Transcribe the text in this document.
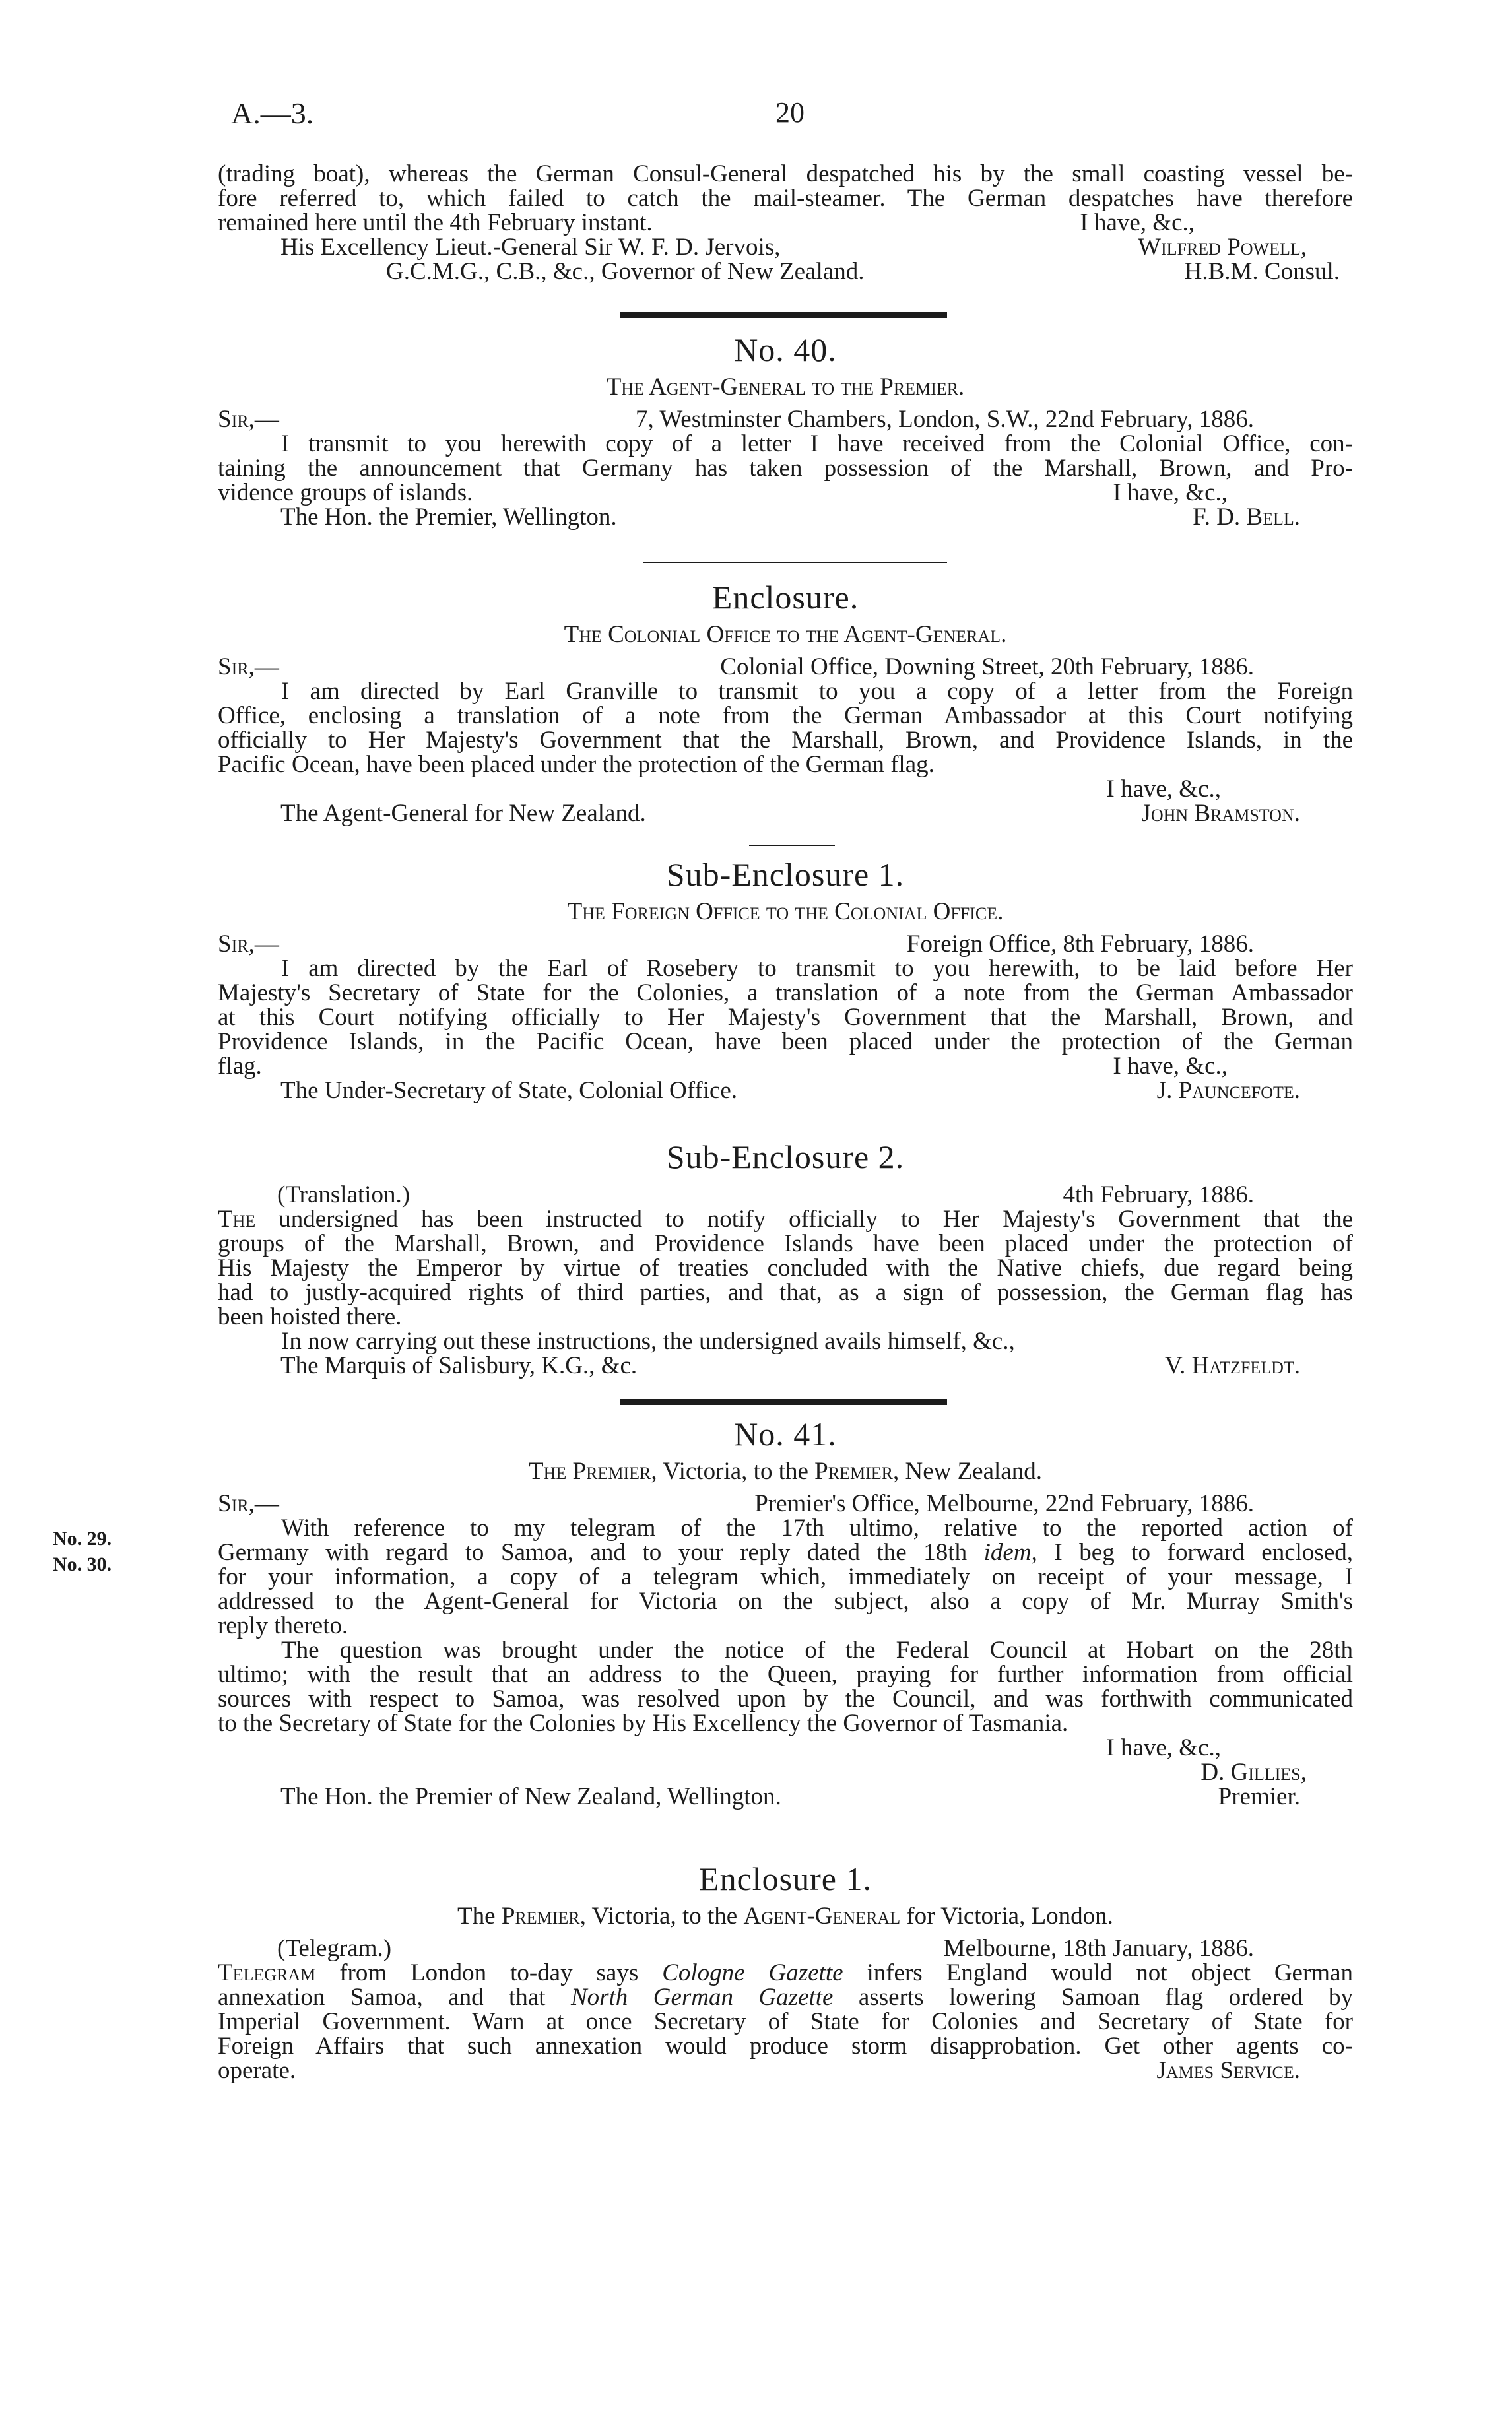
A.—3.	20

(trading boat), whereas the German Consul-General despatched his by the small coasting vessel be-

fore referred to, which failed to catch the mail-steamer. The German despatches have therefore

remained here until the 4th February instant.	I have, &c.,
His Excellency Lieut.-General Sir W. F. D. Jervois,	Wilfred Powell,
G.C.M.G., C.B., &c., Governor of New Zealand.	H.B.M. Consul.
No. 40.
The Agent-General to the Premier.
Sir,—	7, Westminster Chambers, London, S.W., 22nd February, 1886.

I transmit to you herewith copy of a letter I have received from the Colonial Office, con-

taining the announcement that Germany has taken possession of the Marshall, Brown, and Pro-

vidence groups of islands.	I have, &c.,
The Hon. the Premier, Wellington.	F. D. Bell.
Enclosure.
The Colonial Office to the Agent-General.
Sir,—	Colonial Office, Downing Street, 20th February, 1886.

I am directed by Earl Granville to transmit to you a copy of a letter from the Foreign

Office, enclosing a translation of a note from the German Ambassador at this Court notifying

officially to Her Majesty's Government that the Marshall, Brown, and Providence Islands, in the

Pacific Ocean, have been placed under the protection of the German flag.

I have, &c.,
The Agent-General for New Zealand.	John Bramston.
Sub-Enclosure 1.
The Foreign Office to the Colonial Office.
Sir,—	Foreign Office, 8th February, 1886.

I am directed by the Earl of Rosebery to transmit to you herewith, to be laid before Her

Majesty's Secretary of State for the Colonies, a translation of a note from the German Ambassador

at this Court notifying officially to Her Majesty's Government that the Marshall, Brown, and

Providence Islands, in the Pacific Ocean, have been placed under the protection of the German

flag.	I have, &c.,
The Under-Secretary of State, Colonial Office.	J. Pauncefote.
Sub-Enclosure 2.
(Translation.)	4th February, 1886.

The undersigned has been instructed to notify officially to Her Majesty's Government that the

groups of the Marshall, Brown, and Providence Islands have been placed under the protection of

His Majesty the Emperor by virtue of treaties concluded with the Native chiefs, due regard being

had to justly-acquired rights of third parties, and that, as a sign of possession, the German flag has

been hoisted there.

In now carrying out these instructions, the undersigned avails himself, &c.,

The Marquis of Salisbury, K.G., &c.	V. Hatzfeldt.
No. 29.
No. 30.
No. 41.
The Premier, Victoria, to the Premier, New Zealand.
Sir,—	Premier's Office, Melbourne, 22nd February, 1886.

With reference to my telegram of the 17th ultimo, relative to the reported action of

Germany with regard to Samoa, and to your reply dated the 18th idem, I beg to forward enclosed,

for your information, a copy of a telegram which, immediately on receipt of your message, I

addressed to the Agent-General for Victoria on the subject, also a copy of Mr. Murray Smith's

reply thereto.

The question was brought under the notice of the Federal Council at Hobart on the 28th

ultimo; with the result that an address to the Queen, praying for further information from official

sources with respect to Samoa, was resolved upon by the Council, and was forthwith communicated

to the Secretary of State for the Colonies by His Excellency the Governor of Tasmania.

I have, &c.,
D. Gillies,
The Hon. the Premier of New Zealand, Wellington.	Premier.
Enclosure 1.
The Premier, Victoria, to the Agent-General for Victoria, London.
(Telegram.)	Melbourne, 18th January, 1886.

Telegram from London to-day says Cologne Gazette infers England would not object German

annexation Samoa, and that North German Gazette asserts lowering Samoan flag ordered by

Imperial Government. Warn at once Secretary of State for Colonies and Secretary of State for

Foreign Affairs that such annexation would produce storm disapprobation. Get other agents co-

operate.	James Service.
